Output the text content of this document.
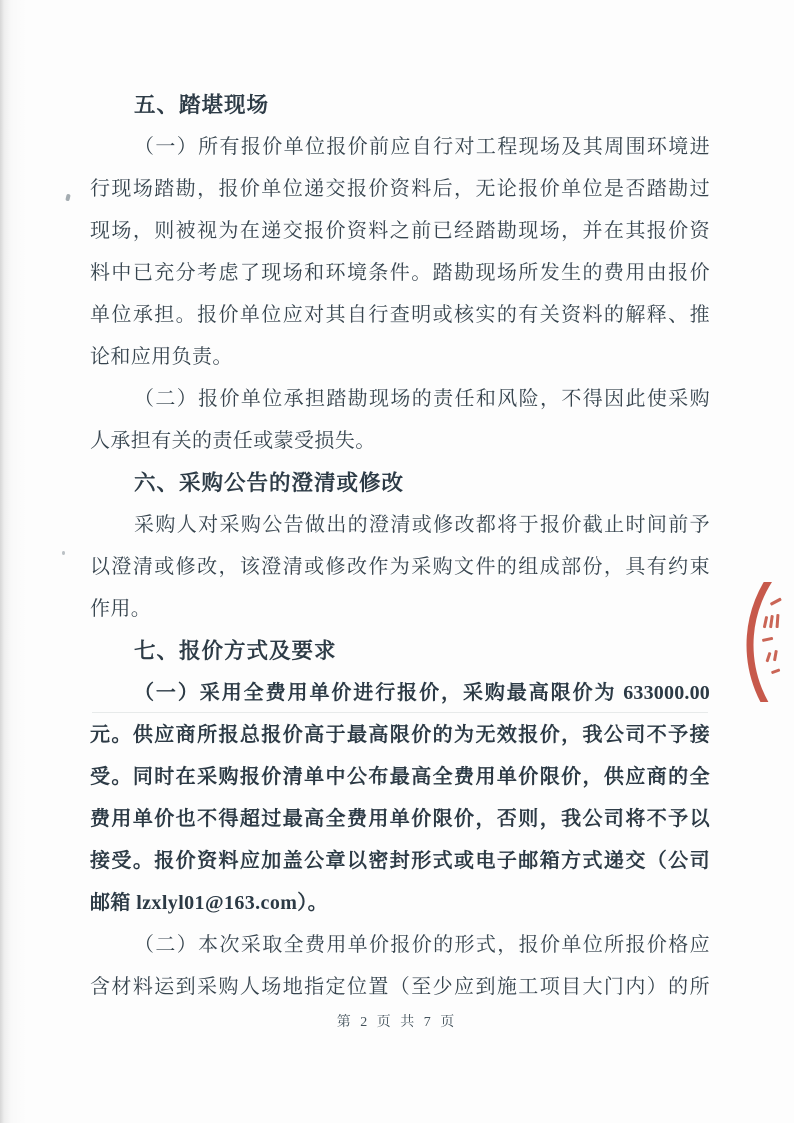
五、踏堪现场
（一）所有报价单位报价前应自行对工程现场及其周围环境进
行现场踏勘，报价单位递交报价资料后，无论报价单位是否踏勘过
现场，则被视为在递交报价资料之前已经踏勘现场，并在其报价资
料中已充分考虑了现场和环境条件。踏勘现场所发生的费用由报价
单位承担。报价单位应对其自行查明或核实的有关资料的解释、推
论和应用负责。
（二）报价单位承担踏勘现场的责任和风险，不得因此使采购
人承担有关的责任或蒙受损失。
六、采购公告的澄清或修改
采购人对采购公告做出的澄清或修改都将于报价截止时间前予
以澄清或修改，该澄清或修改作为采购文件的组成部份，具有约束
作用。
七、报价方式及要求
（一）采用全费用单价进行报价，采购最高限价为 633000.00
元。供应商所报总报价高于最高限价的为无效报价，我公司不予接
受。同时在采购报价清单中公布最高全费用单价限价，供应商的全
费用单价也不得超过最高全费用单价限价，否则，我公司将不予以
接受。报价资料应加盖公章以密封形式或电子邮箱方式递交（公司
邮箱 lzxlyl01@163.com）。
（二）本次采取全费用单价报价的形式，报价单位所报价格应
含材料运到采购人场地指定位置（至少应到施工项目大门内）的所
第 2 页 共 7 页
